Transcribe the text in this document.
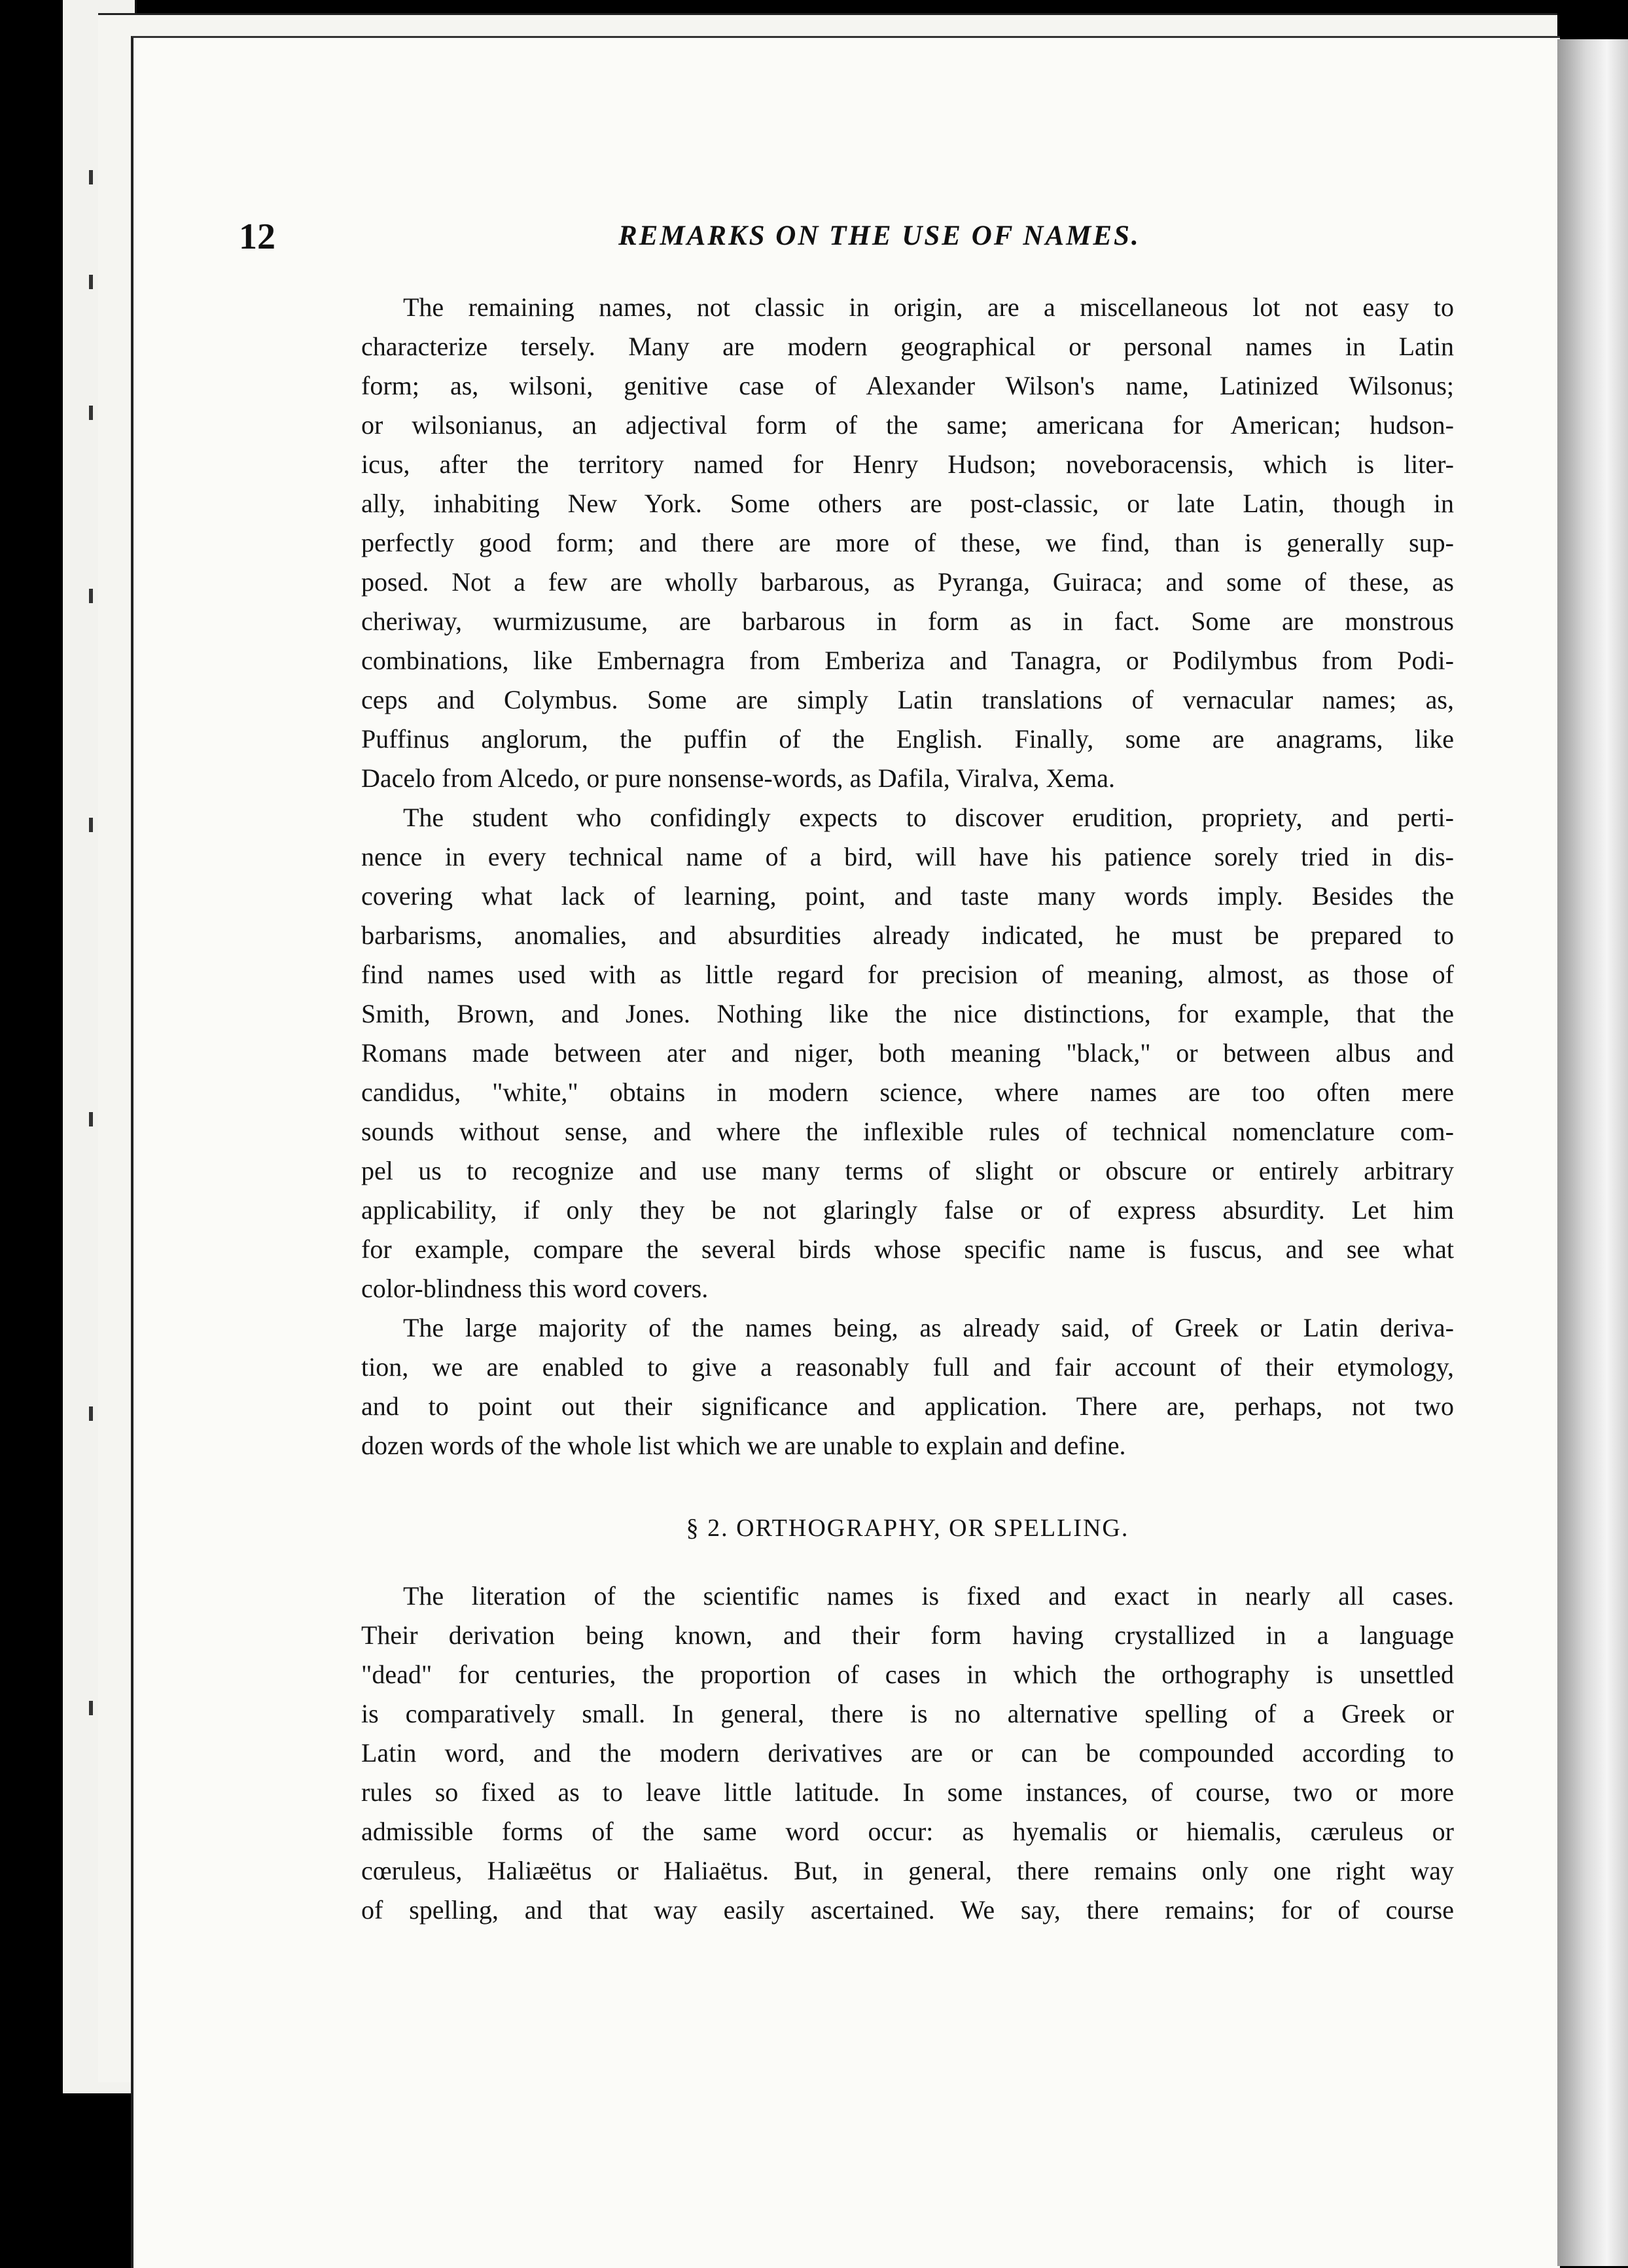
12	REMARKS ON THE USE OF NAMES.
The remaining names, not classic in origin, are a miscellaneous lot not easy to
characterize tersely. Many are modern geographical or personal names in Latin
form; as, wilsoni, genitive case of Alexander Wilson's name, Latinized Wilsonus;
or wilsonianus, an adjectival form of the same; americana for American; hudson-
icus, after the territory named for Henry Hudson; noveboracensis, which is liter-
ally, inhabiting New York. Some others are post-classic, or late Latin, though in
perfectly good form; and there are more of these, we find, than is generally sup-
posed. Not a few are wholly barbarous, as Pyranga, Guiraca; and some of these, as
cheriway, wurmizusume, are barbarous in form as in fact. Some are monstrous
combinations, like Embernagra from Emberiza and Tanagra, or Podilymbus from Podi-
ceps and Colymbus. Some are simply Latin translations of vernacular names; as,
Puffinus anglorum, the puffin of the English. Finally, some are anagrams, like
Dacelo from Alcedo, or pure nonsense-words, as Dafila, Viralva, Xema.
The student who confidingly expects to discover erudition, propriety, and perti-
nence in every technical name of a bird, will have his patience sorely tried in dis-
covering what lack of learning, point, and taste many words imply. Besides the
barbarisms, anomalies, and absurdities already indicated, he must be prepared to
find names used with as little regard for precision of meaning, almost, as those of
Smith, Brown, and Jones. Nothing like the nice distinctions, for example, that the
Romans made between ater and niger, both meaning "black," or between albus and
candidus, "white," obtains in modern science, where names are too often mere
sounds without sense, and where the inflexible rules of technical nomenclature com-
pel us to recognize and use many terms of slight or obscure or entirely arbitrary
applicability, if only they be not glaringly false or of express absurdity. Let him
for example, compare the several birds whose specific name is fuscus, and see what
color-blindness this word covers.
The large majority of the names being, as already said, of Greek or Latin deriva-
tion, we are enabled to give a reasonably full and fair account of their etymology,
and to point out their significance and application. There are, perhaps, not two
dozen words of the whole list which we are unable to explain and define.
§ 2. ORTHOGRAPHY, OR SPELLING.
The literation of the scientific names is fixed and exact in nearly all cases.
Their derivation being known, and their form having crystallized in a language
"dead" for centuries, the proportion of cases in which the orthography is unsettled
is comparatively small. In general, there is no alternative spelling of a Greek or
Latin word, and the modern derivatives are or can be compounded according to
rules so fixed as to leave little latitude. In some instances, of course, two or more
admissible forms of the same word occur: as hyemalis or hiemalis, cæruleus or
cœruleus, Haliæëtus or Haliaëtus. But, in general, there remains only one right way
of spelling, and that way easily ascertained. We say, there remains; for of course
